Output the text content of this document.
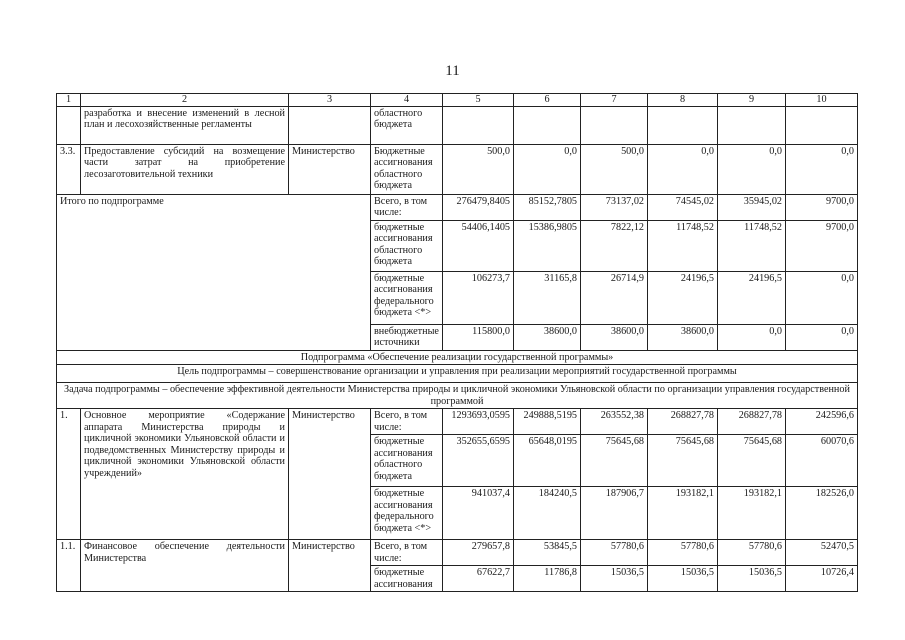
11
1	2	3	4	5	6	7	8	9	10
	разработка и внесение изменений в лесной план и лесохозяйственные регламенты		областного бюджета						
3.3.	Предоставление субсидий на возмещение части затрат на приобретение лесозаготовительной техники	Министерство	Бюджетные ассигнования областного бюджета	500,0	0,0	500,0	0,0	0,0	0,0
Итого по подпрограмме			Всего, в том числе:	276479,8405	85152,7805	73137,02	74545,02	35945,02	9700,0
			бюджетные ассигнования областного бюджета	54406,1405	15386,9805	7822,12	11748,52	11748,52	9700,0
			бюджетные ассигнования федерального бюджета <*>	106273,7	31165,8	26714,9	24196,5	24196,5	0,0
			внебюджетные источники	115800,0	38600,0	38600,0	38600,0	0,0	0,0
Подпрограмма «Обеспечение реализации государственной программы»									
Цель подпрограммы – совершенствование организации и управления при реализации мероприятий государственной программы									
Задача подпрограммы – обеспечение эффективной деятельности Министерства природы и цикличной экономики Ульяновской области по организации управления государственной программой									
1.	Основное мероприятие «Содержание аппарата Министерства природы и цикличной экономики Ульяновской области и подведомственных Министерству природы и цикличной экономики Ульяновской области учреждений»	Министерство	Всего, в том числе:	1293693,0595	249888,5195	263552,38	268827,78	268827,78	242596,6
			бюджетные ассигнования областного бюджета	352655,6595	65648,0195	75645,68	75645,68	75645,68	60070,6
			бюджетные ассигнования федерального бюджета <*>	941037,4	184240,5	187906,7	193182,1	193182,1	182526,0
1.1.	Финансовое обеспечение деятельности Министерства	Министерство	Всего, в том числе:	279657,8	53845,5	57780,6	57780,6	57780,6	52470,5
			бюджетные ассигнования	67622,7	11786,8	15036,5	15036,5	15036,5	10726,4
